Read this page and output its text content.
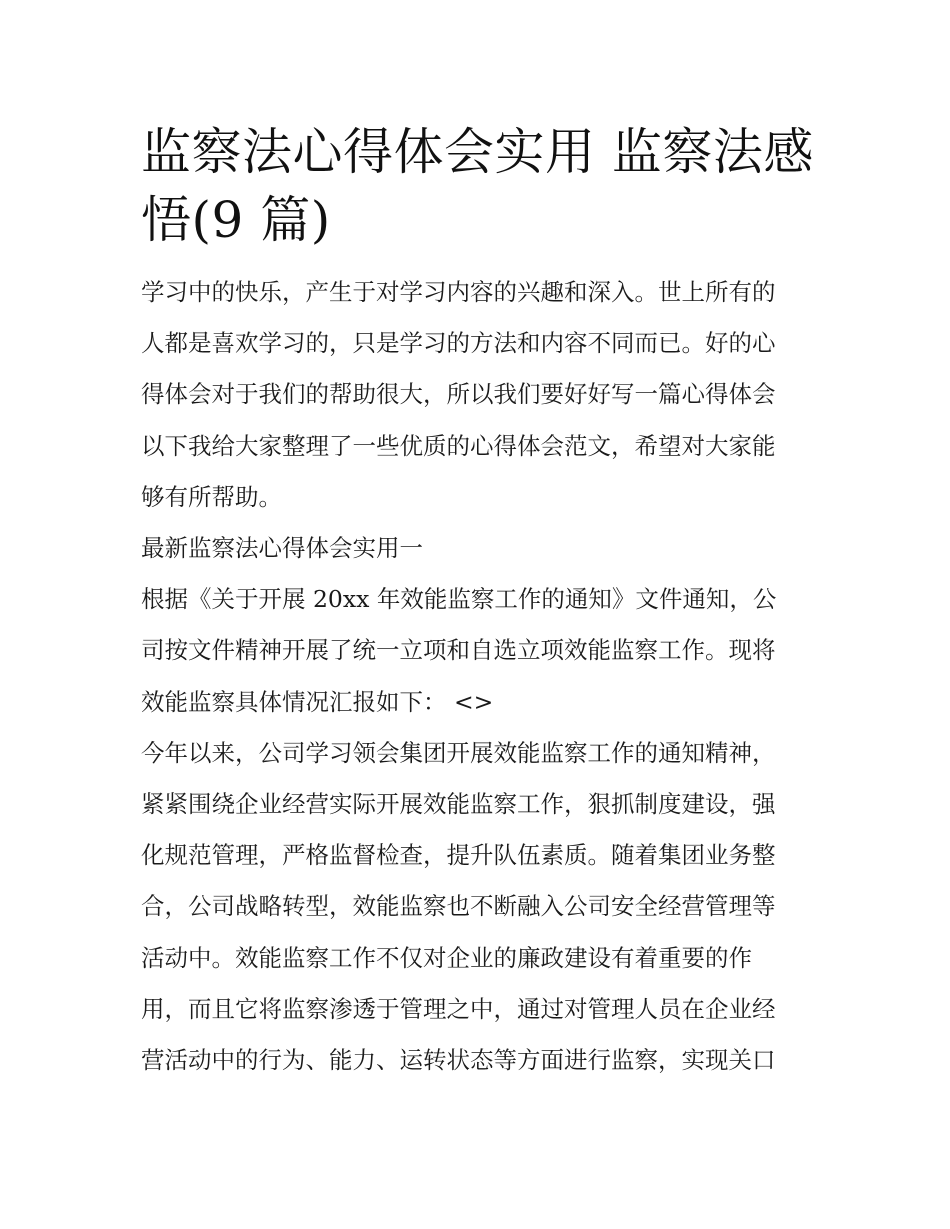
监察法心得体会实用 监察法感
悟(9 篇)

学习中的快乐，产生于对学习内容的兴趣和深入。世上所有的
人都是喜欢学习的，只是学习的方法和内容不同而已。好的心
得体会对于我们的帮助很大，所以我们要好好写一篇心得体会
以下我给大家整理了一些优质的心得体会范文，希望对大家能
够有所帮助。

最新监察法心得体会实用一

根据《关于开展 20xx 年效能监察工作的通知》文件通知，公
司按文件精神开展了统一立项和自选立项效能监察工作。现将
效能监察具体情况汇报如下： <>

今年以来，公司学习领会集团开展效能监察工作的通知精神，
紧紧围绕企业经营实际开展效能监察工作，狠抓制度建设，强
化规范管理，严格监督检查，提升队伍素质。随着集团业务整
合，公司战略转型，效能监察也不断融入公司安全经营管理等
活动中。效能监察工作不仅对企业的廉政建设有着重要的作
用，而且它将监察渗透于管理之中，通过对管理人员在企业经
营活动中的行为、能力、运转状态等方面进行监察，实现关口
